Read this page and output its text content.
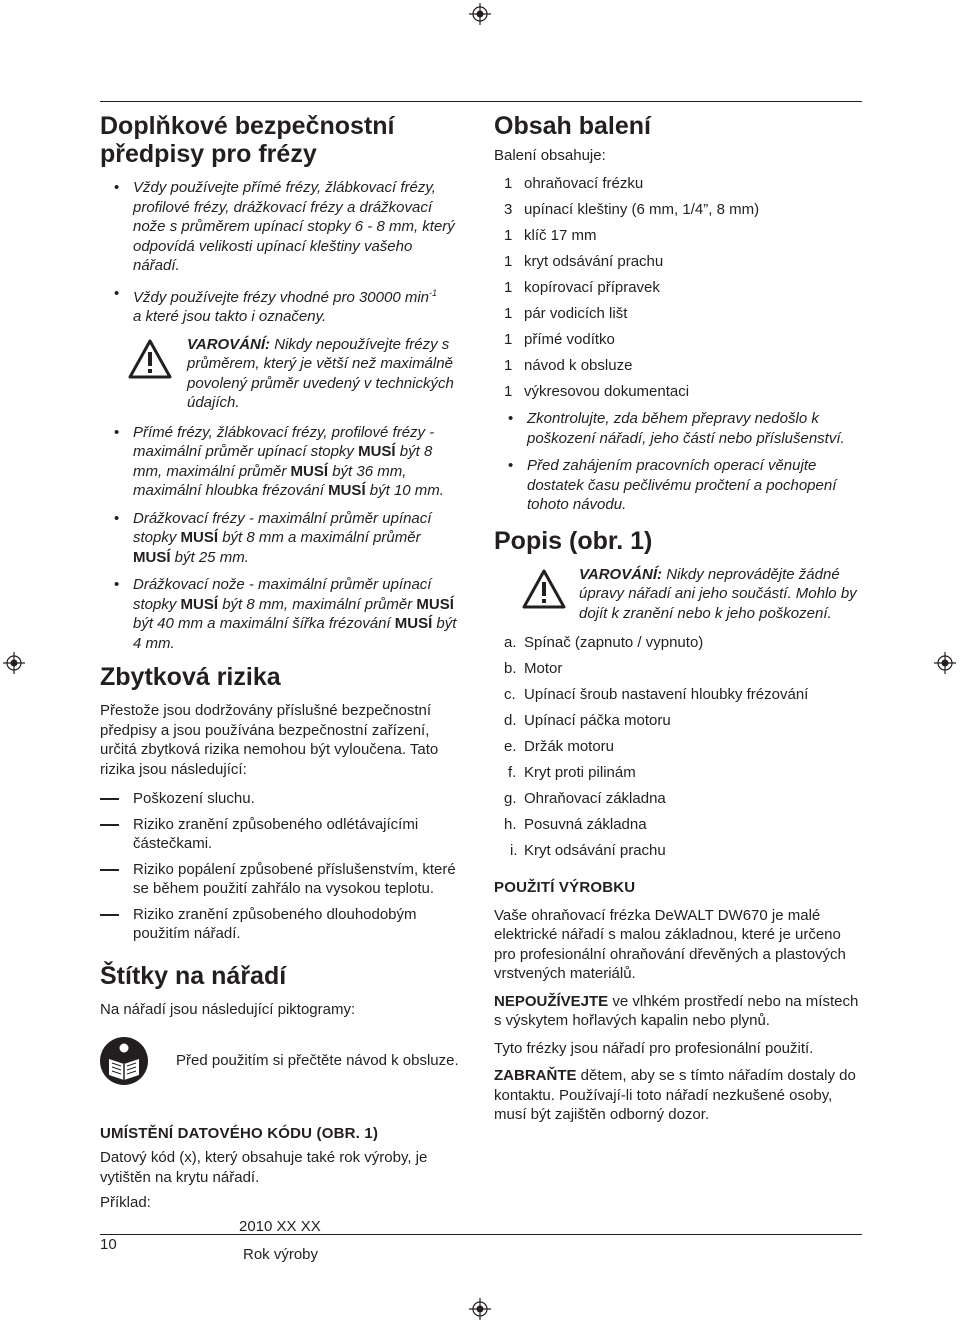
Doplňkové bezpečnostní předpisy pro frézy
• Vždy používejte přímé frézy, žlábkovací frézy, profilové frézy, drážkovací frézy a drážkovací nože s průměrem upínací stopky 6 - 8 mm, který odpovídá velikosti upínací kleštiny vašeho nářadí.
• Vždy používejte frézy vhodné pro 30000 $\min^{-1}$
a které jsou takto i označeny.
VAROVÁNÍ: Nikdy nepoužívejte frézy s průměrem, který je větší než maximálně povolený průměr uvedený v technických údajích.
• Přímé frézy, žlábkovací frézy, profilové frézy - maximální průměr upínací stopky MUSÍ být 8 mm, maximální průměr MUSÍ být 36 mm, maximální hloubka frézování MUSÍ být 10 mm.
• Drážkovací frézy - maximální průměr upínací stopky MUSÍ být 8 mm a maximální průměr MUSÍ být 25 mm.
• Drážkovací nože - maximální průměr upínací stopky MUSÍ být 8 mm, maximální průměr MUSÍ být 40 mm a maximální šířka frézování MUSÍ být 4 mm.
Zbytková rizika

Přestože jsou dodržovány příslušné bezpečnostní předpisy a jsou používána bezpečnostní zařízení, určitá zbytková rizika nemohou být vyloučena. Tato rizika jsou následující:

Poškození sluchu.
Riziko zranění způsobeného odlétávajícími částečkami.
Riziko popálení způsobené příslušenstvím, které se během použití zahřálo na vysokou teplotu.
Riziko zranění způsobeného dlouhodobým použitím nářadí.
Štítky na nářadí

Na nářadí jsou následující piktogramy:

Před použitím si přečtěte návod k obsluze.

UMÍSTĚNÍ DATOVÉHO KÓDU (OBR. 1)

Datový kód (x), který obsahuje také rok výroby, je vytištěn na krytu nářadí.

Příklad:
2010 XX XX
Rok výroby
Obsah balení

Balení obsahuje:

1 ohraňovací frézku
3 upínací kleštiny (6 mm, 1/4”, 8 mm)
1 klíč 17 mm
1 kryt odsávání prachu
1 kopírovací přípravek
1 pár vodicích lišt
1 přímé vodítko
1 návod k obsluze
1 výkresovou dokumentaci
• Zkontrolujte, zda během přepravy nedošlo k poškození nářadí, jeho částí nebo příslušenství.
• Před zahájením pracovních operací věnujte dostatek času pečlivému pročtení a pochopení tohoto návodu.
Popis (obr. 1)
VAROVÁNÍ: Nikdy neprovádějte žádné úpravy nářadí ani jeho součástí. Mohlo by dojít k zranění nebo k jeho poškození.
a. Spínač (zapnuto / vypnuto)
b. Motor
c. Upínací šroub nastavení hloubky frézování
d. Upínací páčka motoru
e. Držák motoru
f. Kryt proti pilinám
g. Ohraňovací základna
h. Posuvná základna
i. Kryt odsávání prachu
POUŽITÍ VÝROBKU

Vaše ohraňovací frézka DeWALT DW670 je malé elektrické nářadí s malou základnou, které je určeno pro profesionální ohraňování dřevěných a plastových vrstvených materiálů.

NEPOUŽÍVEJTE ve vlhkém prostředí nebo na místech s výskytem hořlavých kapalin nebo plynů.

Tyto frézky jsou nářadí pro profesionální použití.

ZABRAŇTE dětem, aby se s tímto nářadím dostaly do kontaktu. Používají-li toto nářadí nezkušené osoby, musí být zajištěn odborný dozor.

10
